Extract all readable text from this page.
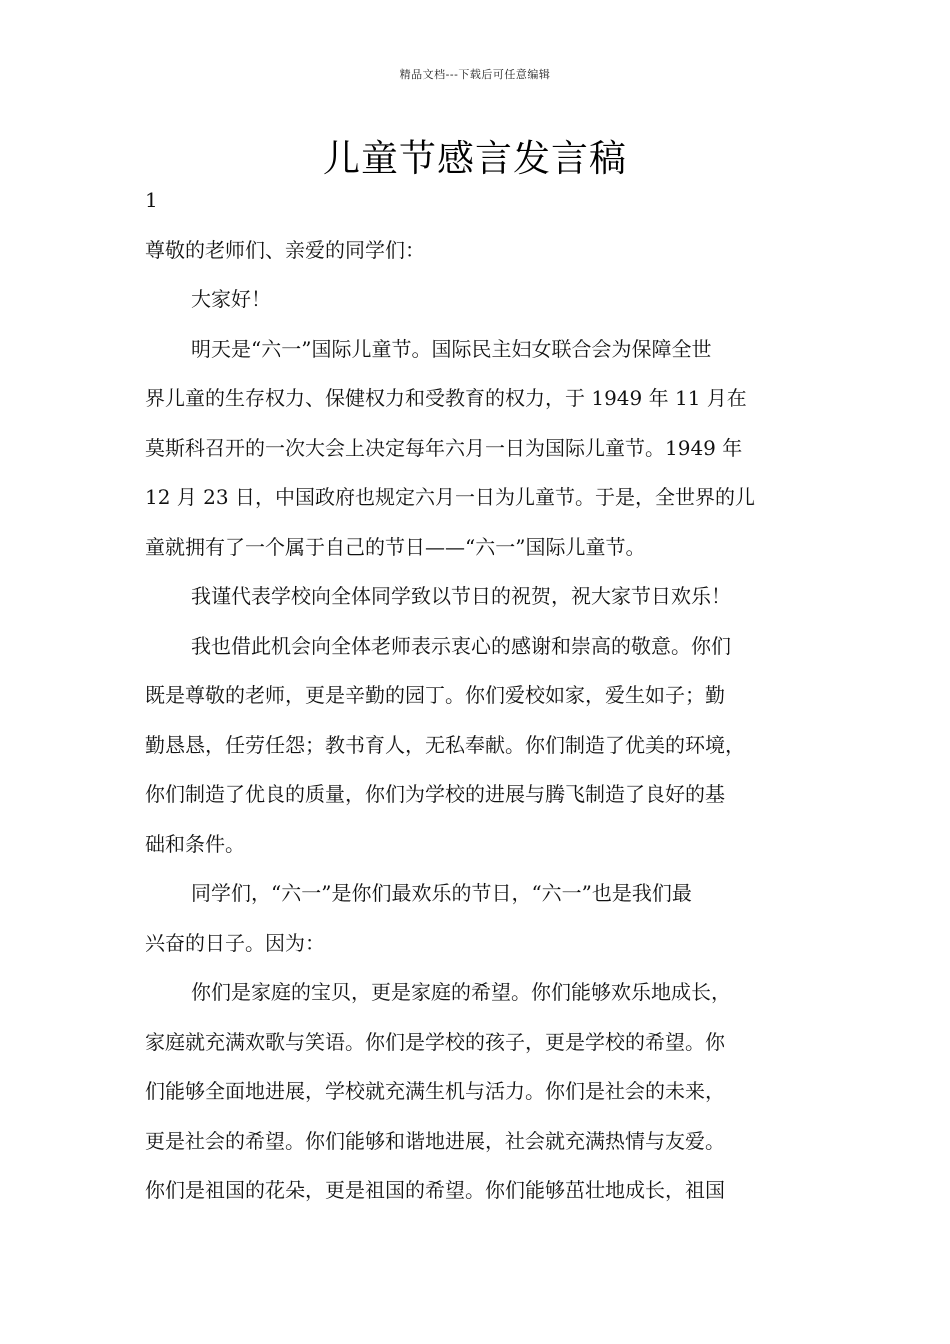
精品文档---下载后可任意编辑
儿童节感言发言稿

1

尊敬的老师们、亲爱的同学们：

大家好！

明天是“六一”国际儿童节。国际民主妇女联合会为保障全世
界儿童的生存权力、保健权力和受教育的权力，于 1949 年 11 月在
莫斯科召开的一次大会上决定每年六月一日为国际儿童节。1949 年
12 月 23 日，中国政府也规定六月一日为儿童节。于是，全世界的儿
童就拥有了一个属于自己的节日——“六一”国际儿童节。

我谨代表学校向全体同学致以节日的祝贺，祝大家节日欢乐！

我也借此机会向全体老师表示衷心的感谢和崇高的敬意。你们
既是尊敬的老师，更是辛勤的园丁。你们爱校如家，爱生如子；勤
勤恳恳，任劳任怨；教书育人，无私奉献。你们制造了优美的环境，
你们制造了优良的质量，你们为学校的进展与腾飞制造了良好的基
础和条件。

同学们，“六一”是你们最欢乐的节日，“六一”也是我们最
兴奋的日子。因为：

你们是家庭的宝贝，更是家庭的希望。你们能够欢乐地成长，
家庭就充满欢歌与笑语。你们是学校的孩子，更是学校的希望。你
们能够全面地进展，学校就充满生机与活力。你们是社会的未来，
更是社会的希望。你们能够和谐地进展，社会就充满热情与友爱。
你们是祖国的花朵，更是祖国的希望。你们能够茁壮地成长，祖国
